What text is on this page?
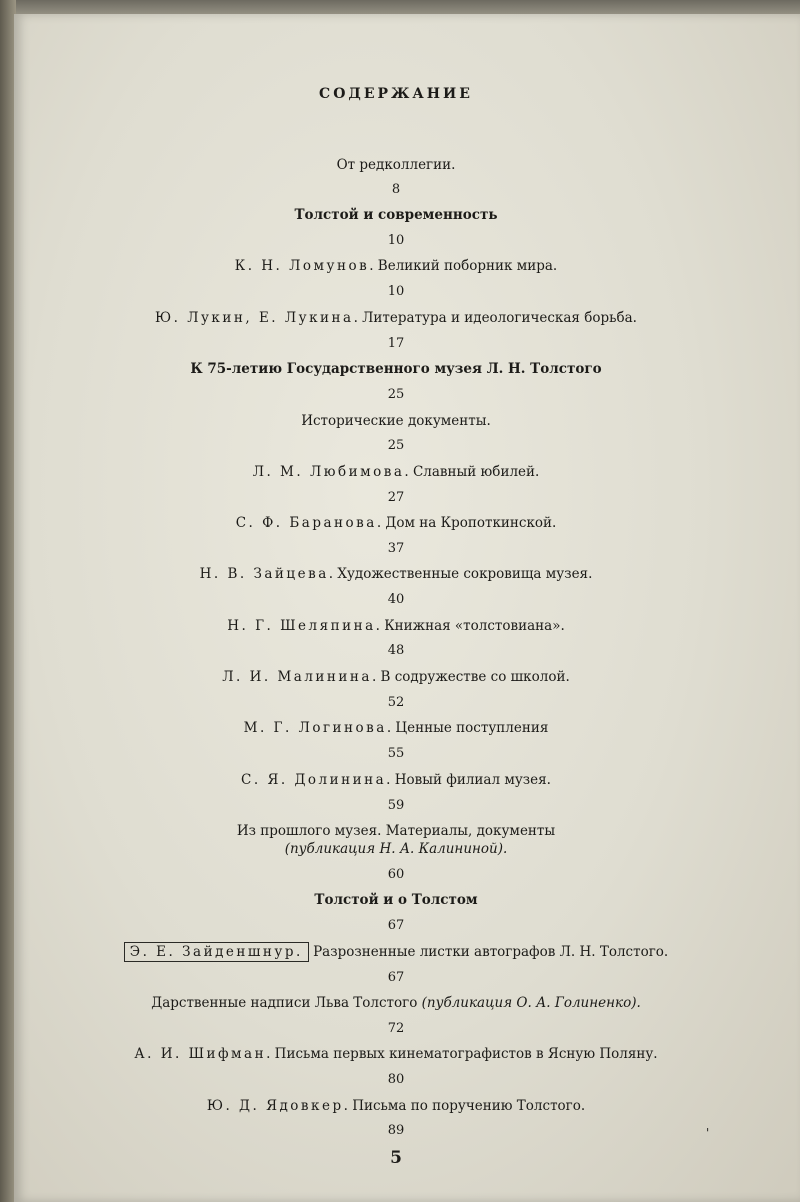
СОДЕРЖАНИЕ
От редколлегии.
8
Толстой и современность
10
К. Н. Ломунов. Великий поборник мира.
10
Ю. Лукин, Е. Лукина. Литература и идеологическая борьба.
17
К 75-летию Государственного музея Л. Н. Толстого
25
Исторические документы.
25
Л. М. Любимова. Славный юбилей.
27
С. Ф. Баранова. Дом на Кропоткинской.
37
Н. В. Зайцева. Художественные сокровища музея.
40
Н. Г. Шеляпина. Книжная «толстовиана».
48
Л. И. Малинина. В содружестве со школой.
52
М. Г. Логинова. Ценные поступления
55
С. Я. Долинина. Новый филиал музея.
59
Из прошлого музея. Материалы, документы
(публикация Н. А. Калининой).
60
Толстой и о Толстом
67
Э. Е. Зайденшнур. Разрозненные листки автографов Л. Н. Толстого.
67
Дарственные надписи Льва Толстого (публикация О. А. Голиненко).
72
А. И. Шифман. Письма первых кинематографистов в Ясную Поляну.
80
Ю. Д. Ядовкер. Письма по поручению Толстого.
89	'
5
